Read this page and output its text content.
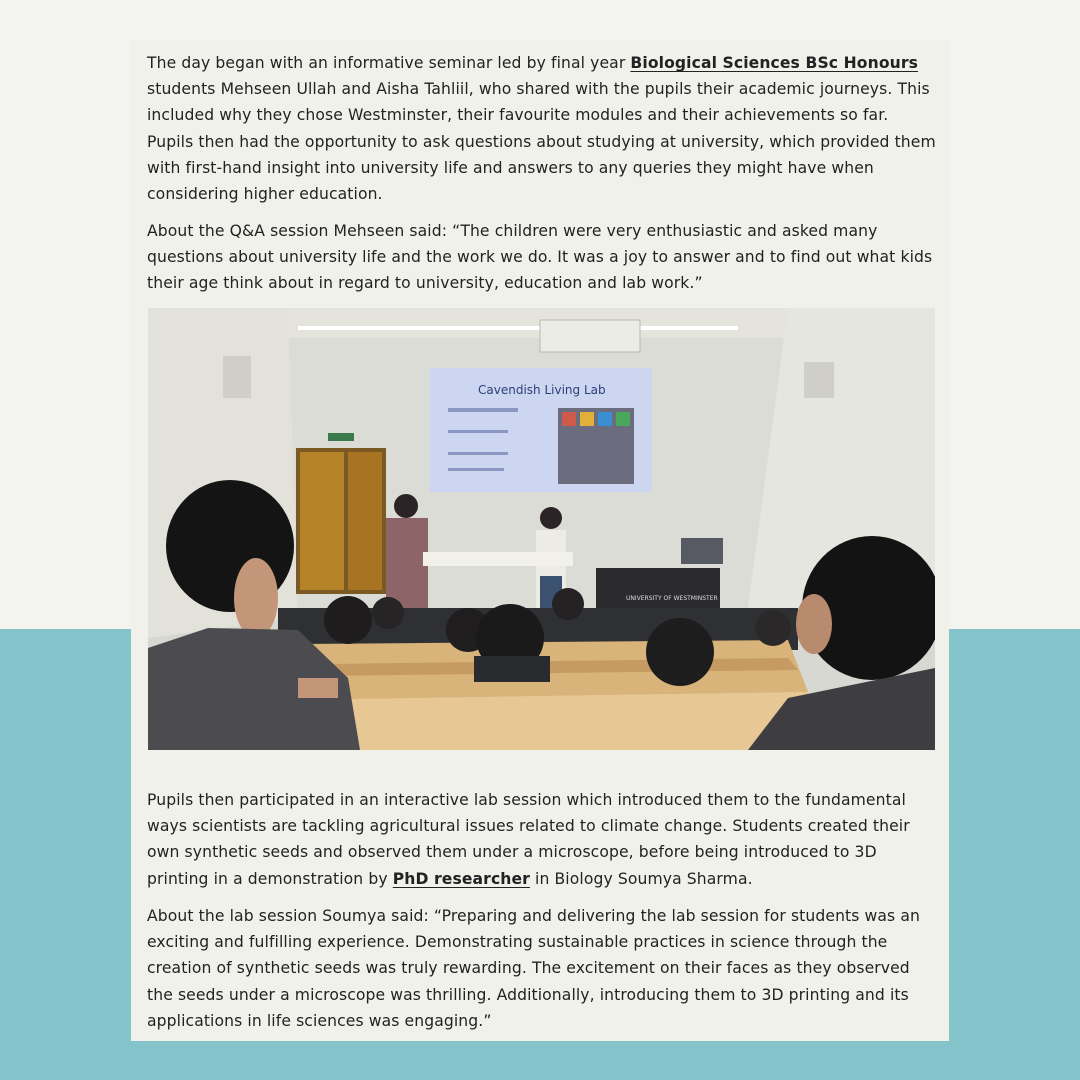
The day began with an informative seminar led by final year Biological Sciences BSc Honours students Mehseen Ullah and Aisha Tahliil, who shared with the pupils their academic journeys. This included why they chose Westminster, their favourite modules and their achievements so far. Pupils then had the opportunity to ask questions about studying at university, which provided them with first-hand insight into university life and answers to any queries they might have when considering higher education.

About the Q&A session Mehseen said: “The children were very enthusiastic and asked many questions about university life and the work we do. It was a joy to answer and to find out what kids their age think about in regard to university, education and lab work.”

Cavendish Living Lab
UNIVERSITY OF WESTMINSTER

Pupils then participated in an interactive lab session which introduced them to the fundamental ways scientists are tackling agricultural issues related to climate change. Students created their own synthetic seeds and observed them under a microscope, before being introduced to 3D printing in a demonstration by PhD researcher in Biology Soumya Sharma.

About the lab session Soumya said: “Preparing and delivering the lab session for students was an exciting and fulfilling experience. Demonstrating sustainable practices in science through the creation of synthetic seeds was truly rewarding. The excitement on their faces as they observed the seeds under a microscope was thrilling. Additionally, introducing them to 3D printing and its applications in life sciences was engaging.”
